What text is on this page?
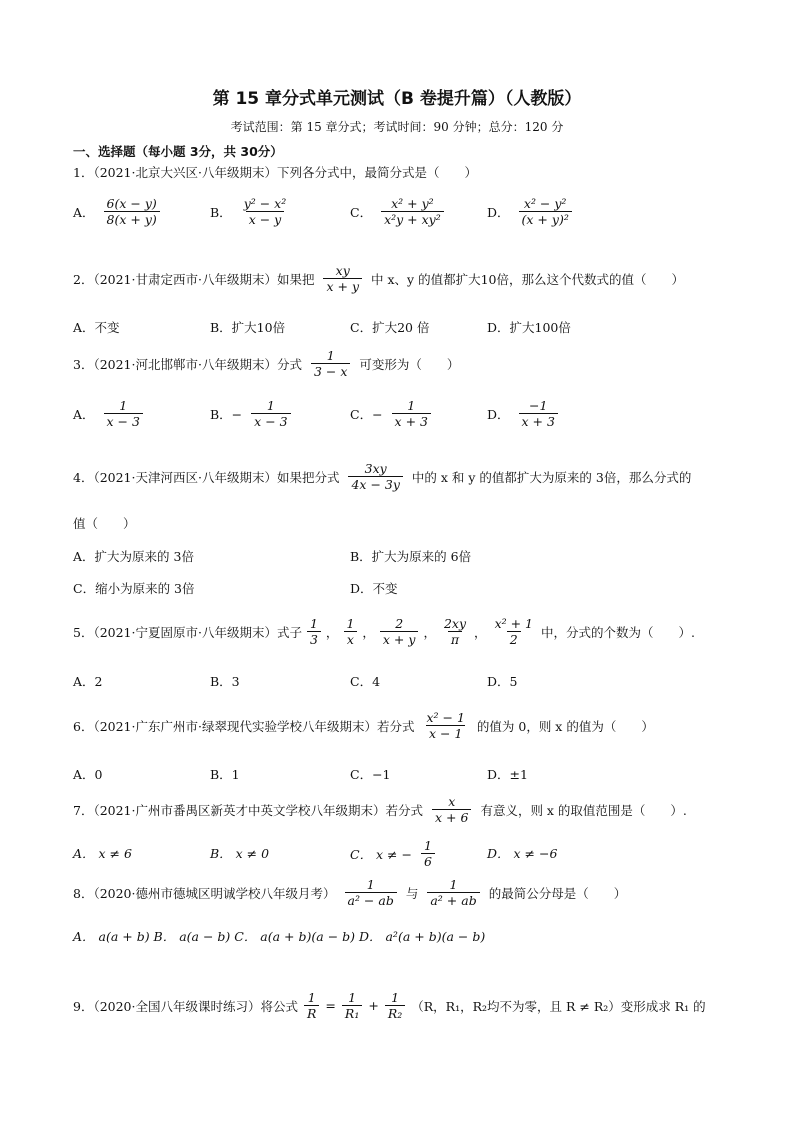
第 15 章分式单元测试（B 卷提升篇）（人教版）
考试范围：第 15 章分式；考试时间：90 分钟；总分：120 分
一、选择题（每小题 3分，共 30分）
1．（2021·北京大兴区·八年级期末）下列各分式中，最简分式是（　　）
A． $\frac{6(x - y)}{8(x + y)}$	B． $\frac{\text{y² − x²}}{x - y}$	C． $\frac{\text{x² + y²}}{\text{x²y + xy²}}$	D． $\frac{\text{x² − y²}}{\text{(x + y)²}}$
2．（2021·甘肃定西市·八年级期末）如果把 $\frac{xy}{x + y}$ 中 x、y 的值都扩大10倍，那么这个代数式的值（　　）
A．不变	B．扩大10倍	C．扩大20 倍	D．扩大100倍
3．（2021·河北邯郸市·八年级期末）分式 $\frac{1}{3 - x}$ 可变形为（　　）
A． $\frac{1}{x - 3}$	B．− $\frac{1}{x - 3}$	C．− $\frac{1}{x + 3}$	D． $\frac{-1}{x + 3}$
4．（2021·天津河西区·八年级期末）如果把分式 $\frac{3xy}{4x - 3y}$ 中的 x 和 y 的值都扩大为原来的 3倍，那么分式的
值（　　）
A．扩大为原来的 3倍	B．扩大为原来的 6倍
C．缩小为原来的 3倍	D．不变
5．（2021·宁夏固原市·八年级期末）式子 $\frac{1}{3}$ ， $\frac{1}{x}$ ， $\frac{2}{x + y}$ ， $\frac{2xy}{\pi}$ ， $\frac{\text{x² + 1}}{2}$ 中，分式的个数为（　　）.
A．2	B．3	C．4	D．5
6．（2021·广东广州市·绿翠现代实验学校八年级期末）若分式 $\frac{\text{x² − 1}}{x - 1}$ 的值为 0，则 x 的值为（　　）
A．0	B．1	C．−1	D．±1
7．（2021·广州市番禺区新英才中英文学校八年级期末）若分式 $\frac{x}{x + 6}$ 有意义，则 x 的取值范围是（　　）.
A． x ≠ 6	B． x ≠ 0	C． x ≠ − $\frac{1}{6}$	D． x ≠ −6
8．（2020·德州市德城区明诚学校八年级月考） $\frac{1}{\text{a² − ab}}$ 与 $\frac{1}{\text{a² + ab}}$ 的最简公分母是（　　）
A． a(a + b) B． a(a − b) C． a(a + b)(a − b) D． a²(a + b)(a − b)
9．（2020·全国八年级课时练习）将公式 $\frac{1}{R} = \frac{1}{\text{R₁}} + \frac{1}{\text{R₂}} (R$，R₁，R₂均不为零，且 R ≠ R₂）变形成求 R₁ 的
